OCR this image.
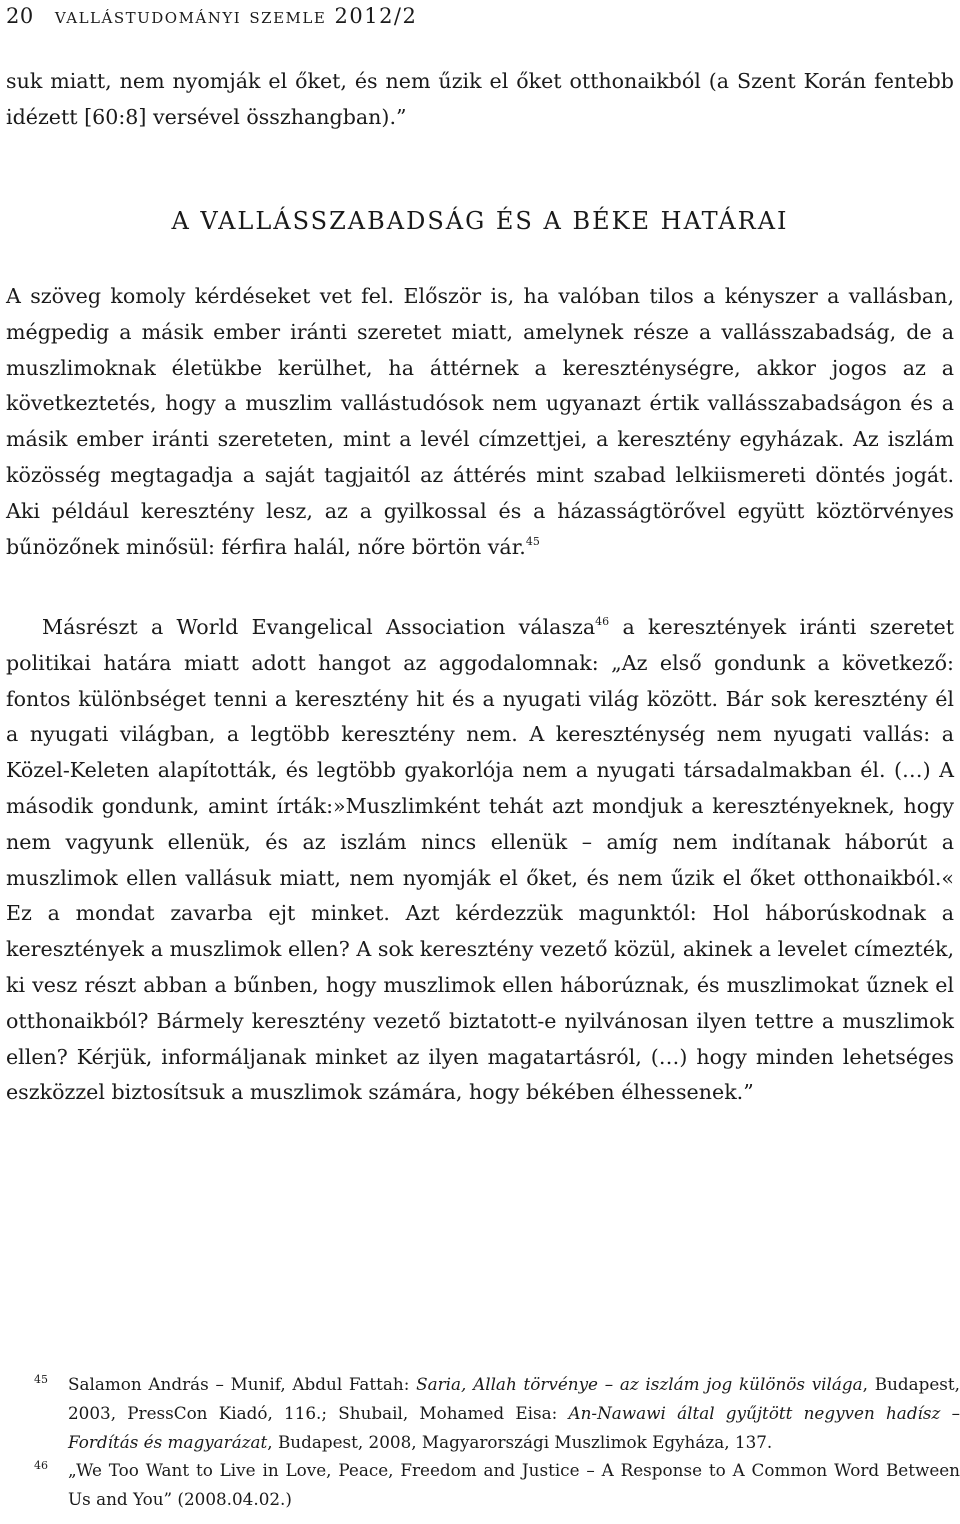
20 vallástudományi szemle 2012/2

suk miatt, nem nyomják el őket, és nem űzik el őket otthonaikból (a Szent Korán fentebb idézett [60:8] versével összhangban).”

A VALLÁSSZABADSÁG ÉS A BÉKE HATÁRAI

A szöveg komoly kérdéseket vet fel. Először is, ha valóban tilos a kényszer a vallásban, mégpedig a másik ember iránti szeretet miatt, amelynek része a vallásszabadság, de a muszlimoknak életükbe kerülhet, ha áttérnek a kereszténységre, akkor jogos az a következtetés, hogy a muszlim vallástudósok nem ugyanazt értik vallásszabadságon és a másik ember iránti szereteten, mint a levél címzettjei, a keresztény egyházak. Az iszlám közösség megtagadja a saját tagjaitól az áttérés mint szabad lelkiismereti döntés jogát. Aki például keresztény lesz, az a gyilkossal és a házasságtörővel együtt köztörvényes bűnözőnek minősül: férfira halál, nőre börtön vár.$^{45}$

Másrészt a World Evangelical Association válasza$^{46}$ a keresztények iránti szeretet politikai határa miatt adott hangot az aggodalomnak: „Az első gondunk a következő: fontos különbséget tenni a keresztény hit és a nyugati világ között. Bár sok keresztény él a nyugati világban, a legtöbb keresztény nem. A kereszténység nem nyugati vallás: a Közel-Keleten alapították, és legtöbb gyakorlója nem a nyugati társadalmakban él. (…) A második gondunk, amint írták:»Muszlimként tehát azt mondjuk a keresztényeknek, hogy nem vagyunk ellenük, és az iszlám nincs ellenük – amíg nem indítanak háborút a muszlimok ellen vallásuk miatt, nem nyomják el őket, és nem űzik el őket otthonaikból.« Ez a mondat zavarba ejt minket. Azt kérdezzük magunktól: Hol háborúskodnak a keresztények a muszlimok ellen? A sok keresztény vezető közül, akinek a levelet címezték, ki vesz részt abban a bűnben, hogy muszlimok ellen háborúznak, és muszlimokat űznek el otthonaikból? Bármely keresztény vezető biztatott-e nyilvánosan ilyen tettre a muszlimok ellen? Kérjük, informáljanak minket az ilyen magatartásról, (…) hogy minden lehetséges eszközzel biztosítsuk a muszlimok számára, hogy békében élhessenek.”

45 Salamon András – Munif, Abdul Fattah: Saria, Allah törvénye – az iszlám jog különös világa, Budapest, 2003, PressCon Kiadó, 116.; Shubail, Mohamed Eisa: An-Nawawi által gyűjtött negyven hadísz – Fordítás és magyarázat, Budapest, 2008, Magyarországi Muszlimok Egyháza, 137.

46 „We Too Want to Live in Love, Peace, Freedom and Justice – A Response to A Common Word Between Us and You” (2008.04.02.)
